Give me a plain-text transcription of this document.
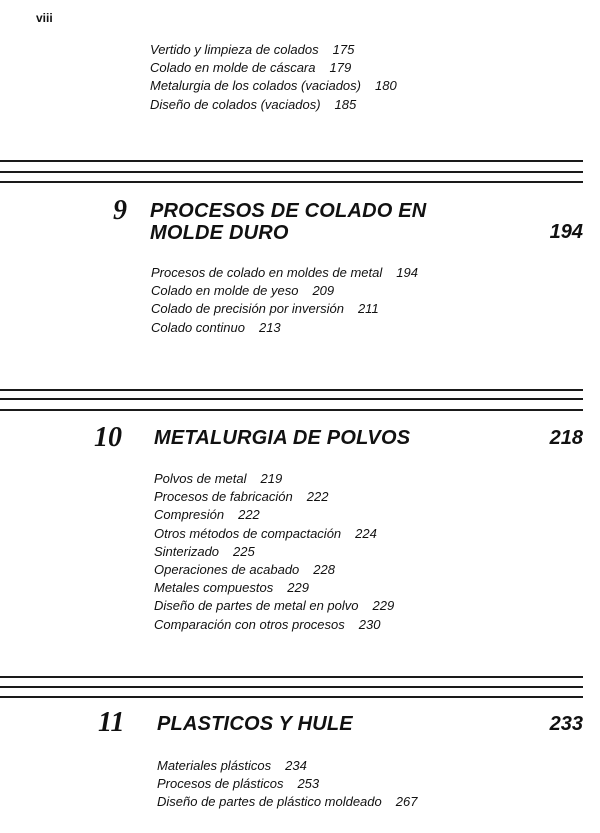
viii
Vertido y limpieza de colados 175
Colado en molde de cáscara 179
Metalurgia de los colados (vaciados) 180
Diseño de colados (vaciados) 185
9 PROCESOS DE COLADO EN
MOLDE DURO	194
Procesos de colado en moldes de metal 194
Colado en molde de yeso 209
Colado de precisión por inversión 211
Colado continuo 213
10 METALURGIA DE POLVOS	218
Polvos de metal 219
Procesos de fabricación 222
Compresión 222
Otros métodos de compactación 224
Sinterizado 225
Operaciones de acabado 228
Metales compuestos 229
Diseño de partes de metal en polvo 229
Comparación con otros procesos 230
11 PLASTICOS Y HULE	233
Materiales plásticos 234
Procesos de plásticos 253
Diseño de partes de plástico moldeado 267
